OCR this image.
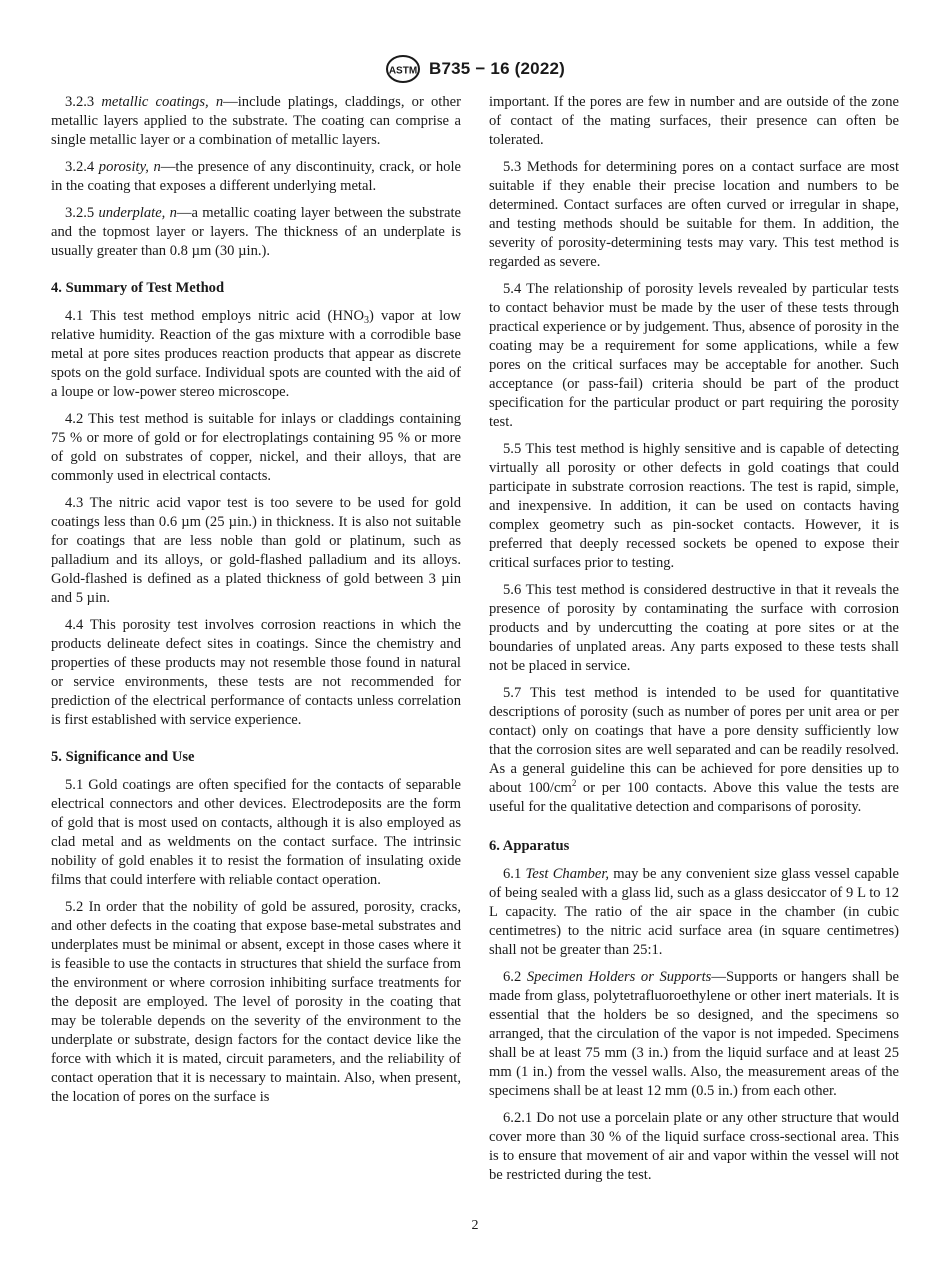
ASTM B735 − 16 (2022)

3.2.3 metallic coatings, n—include platings, claddings, or other metallic layers applied to the substrate. The coating can comprise a single metallic layer or a combination of metallic layers.

3.2.4 porosity, n—the presence of any discontinuity, crack, or hole in the coating that exposes a different underlying metal.

3.2.5 underplate, n—a metallic coating layer between the substrate and the topmost layer or layers. The thickness of an underplate is usually greater than 0.8 µm (30 µin.).

4. Summary of Test Method

4.1 This test method employs nitric acid $(HNO_3)$ vapor at low relative humidity. Reaction of the gas mixture with a corrodible base metal at pore sites produces reaction products that appear as discrete spots on the gold surface. Individual spots are counted with the aid of a loupe or low-power stereo microscope.

4.2 This test method is suitable for inlays or claddings containing 75 % or more of gold or for electroplatings containing 95 % or more of gold on substrates of copper, nickel, and their alloys, that are commonly used in electrical contacts.

4.3 The nitric acid vapor test is too severe to be used for gold coatings less than 0.6 µm (25 µin.) in thickness. It is also not suitable for coatings that are less noble than gold or platinum, such as palladium and its alloys, or gold-flashed palladium and its alloys. Gold-flashed is defined as a plated thickness of gold between 3 µin and 5 µin.

4.4 This porosity test involves corrosion reactions in which the products delineate defect sites in coatings. Since the chemistry and properties of these products may not resemble those found in natural or service environments, these tests are not recommended for prediction of the electrical performance of contacts unless correlation is first established with service experience.

5. Significance and Use

5.1 Gold coatings are often specified for the contacts of separable electrical connectors and other devices. Electrodeposits are the form of gold that is most used on contacts, although it is also employed as clad metal and as weldments on the contact surface. The intrinsic nobility of gold enables it to resist the formation of insulating oxide films that could interfere with reliable contact operation.

5.2 In order that the nobility of gold be assured, porosity, cracks, and other defects in the coating that expose base-metal substrates and underplates must be minimal or absent, except in those cases where it is feasible to use the contacts in structures that shield the surface from the environment or where corrosion inhibiting surface treatments for the deposit are employed. The level of porosity in the coating that may be tolerable depends on the severity of the environment to the underplate or substrate, design factors for the contact device like the force with which it is mated, circuit parameters, and the reliability of contact operation that it is necessary to maintain. Also, when present, the location of pores on the surface is

important. If the pores are few in number and are outside of the zone of contact of the mating surfaces, their presence can often be tolerated.

5.3 Methods for determining pores on a contact surface are most suitable if they enable their precise location and numbers to be determined. Contact surfaces are often curved or irregular in shape, and testing methods should be suitable for them. In addition, the severity of porosity-determining tests may vary. This test method is regarded as severe.

5.4 The relationship of porosity levels revealed by particular tests to contact behavior must be made by the user of these tests through practical experience or by judgement. Thus, absence of porosity in the coating may be a requirement for some applications, while a few pores on the critical surfaces may be acceptable for another. Such acceptance (or pass-fail) criteria should be part of the product specification for the particular product or part requiring the porosity test.

5.5 This test method is highly sensitive and is capable of detecting virtually all porosity or other defects in gold coatings that could participate in substrate corrosion reactions. The test is rapid, simple, and inexpensive. In addition, it can be used on contacts having complex geometry such as pin-socket contacts. However, it is preferred that deeply recessed sockets be opened to expose their critical surfaces prior to testing.

5.6 This test method is considered destructive in that it reveals the presence of porosity by contaminating the surface with corrosion products and by undercutting the coating at pore sites or at the boundaries of unplated areas. Any parts exposed to these tests shall not be placed in service.

5.7 This test method is intended to be used for quantitative descriptions of porosity (such as number of pores per unit area or per contact) only on coatings that have a pore density sufficiently low that the corrosion sites are well separated and can be readily resolved. As a general guideline this can be achieved for pore densities up to about $100/cm^2$ or per 100 contacts. Above this value the tests are useful for the qualitative detection and comparisons of porosity.

6. Apparatus

6.1 Test Chamber, may be any convenient size glass vessel capable of being sealed with a glass lid, such as a glass desiccator of 9 L to 12 L capacity. The ratio of the air space in the chamber (in cubic centimetres) to the nitric acid surface area (in square centimetres) shall not be greater than 25:1.

6.2 Specimen Holders or Supports—Supports or hangers shall be made from glass, polytetrafluoroethylene or other inert materials. It is essential that the holders be so designed, and the specimens so arranged, that the circulation of the vapor is not impeded. Specimens shall be at least 75 mm (3 in.) from the liquid surface and at least 25 mm (1 in.) from the vessel walls. Also, the measurement areas of the specimens shall be at least 12 mm (0.5 in.) from each other.

6.2.1 Do not use a porcelain plate or any other structure that would cover more than 30 % of the liquid surface cross-sectional area. This is to ensure that movement of air and vapor within the vessel will not be restricted during the test.

2
